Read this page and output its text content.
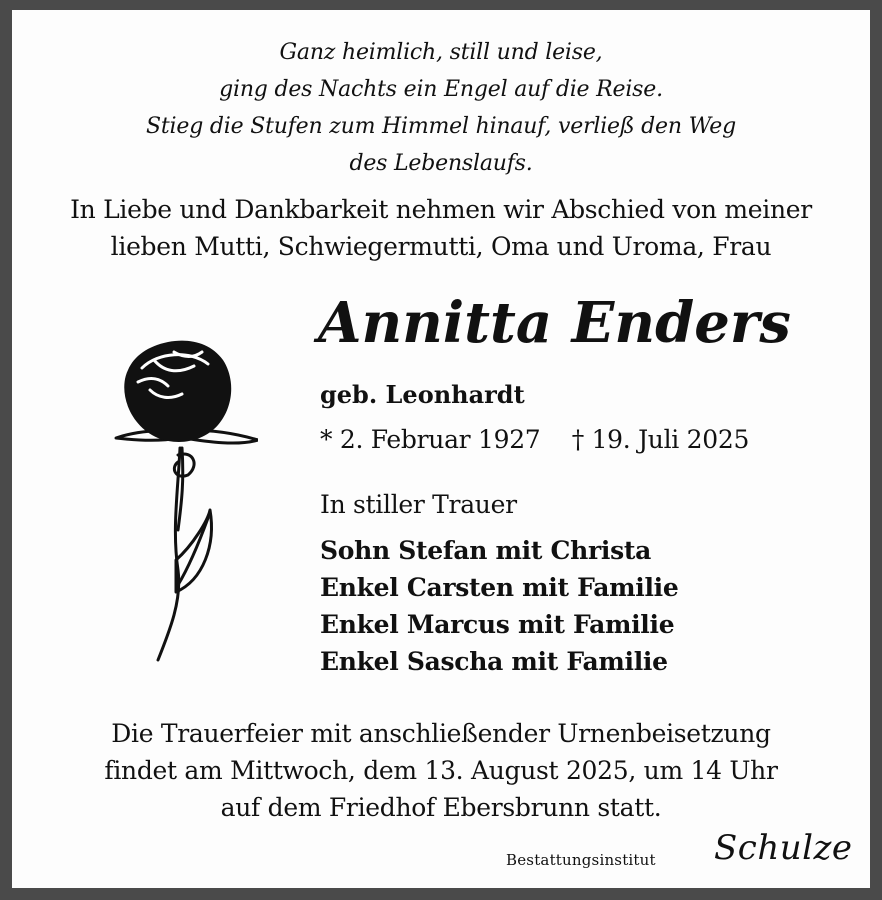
Ganz heimlich, still und leise,
ging des Nachts ein Engel auf die Reise.
Stieg die Stufen zum Himmel hinauf, verließ den Weg
des Lebenslaufs.
In Liebe und Dankbarkeit nehmen wir Abschied von meiner
lieben Mutti, Schwiegermutti, Oma und Uroma, Frau
Annitta Enders
geb. Leonhardt
* 2. Februar 1927 † 19. Juli 2025
In stiller Trauer
Sohn Stefan mit Christa
Enkel Carsten mit Familie
Enkel Marcus mit Familie
Enkel Sascha mit Familie
Die Trauerfeier mit anschließender Urnenbeisetzung
findet am Mittwoch, dem 13. August 2025, um 14 Uhr
auf dem Friedhof Ebersbrunn statt.
Bestattungsinstitut Schulze
